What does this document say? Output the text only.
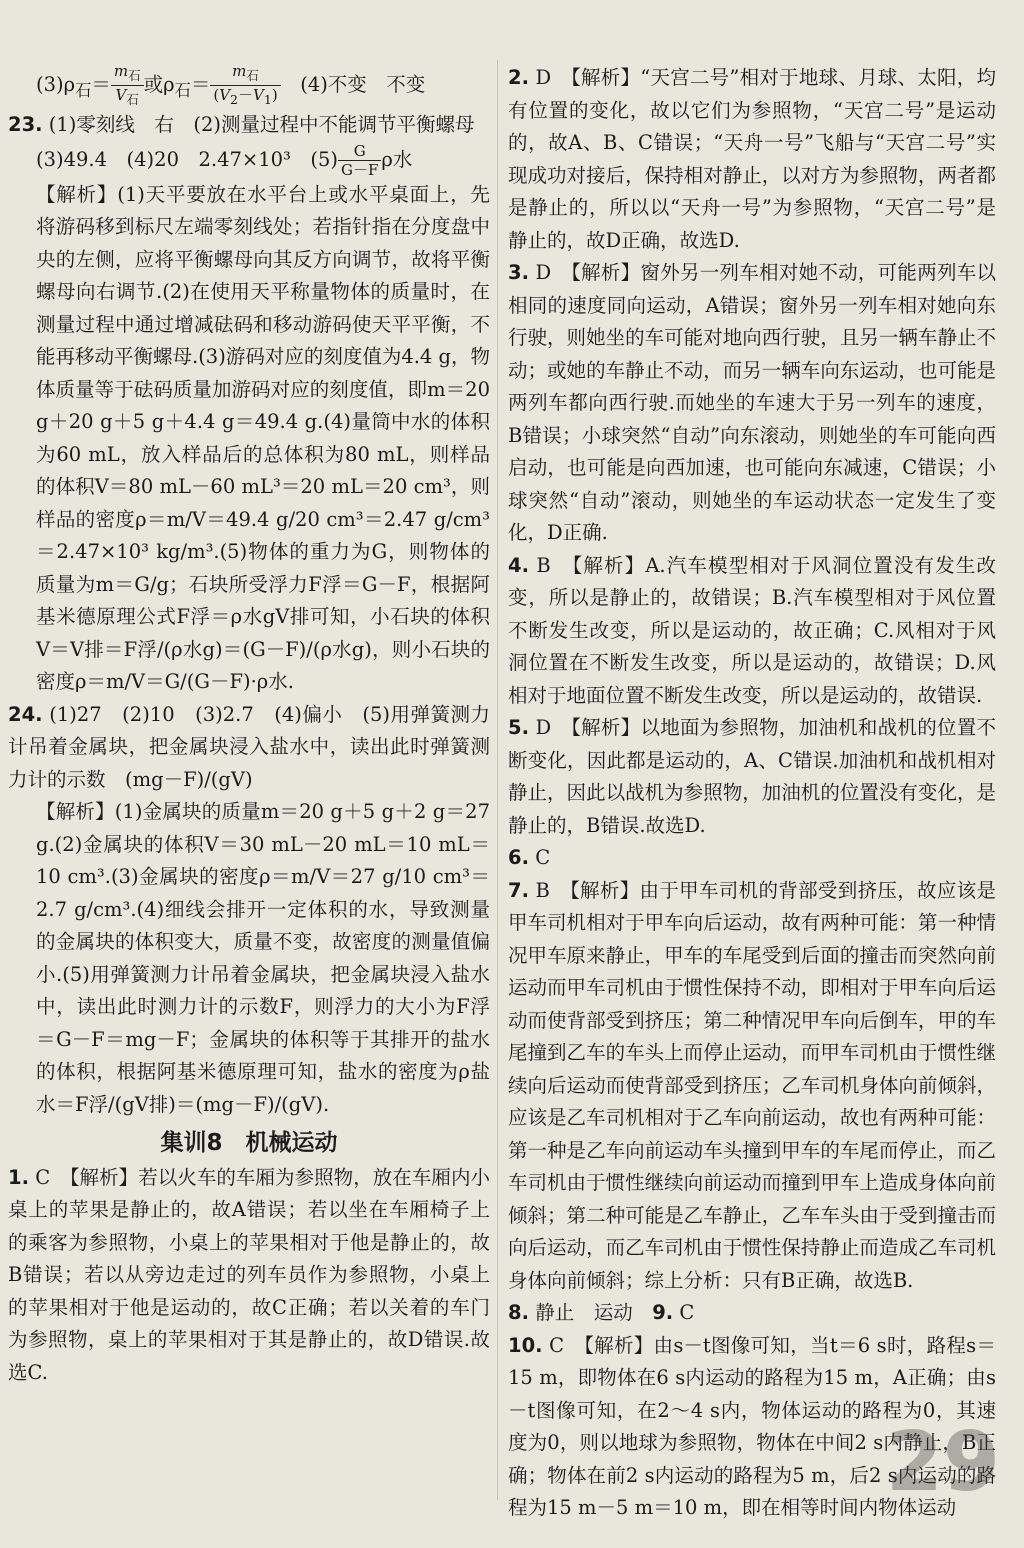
$(3)\rho_石= \frac{m_石}{V_石}$ 或$\rho_石= \frac{m_石}{(V_2-V_1)}$
　 (4)不变　不变

23. (1)零刻线　右　(2)测量过程中不能调节平衡螺母

(3)49.4　(4)20　2.47×10³　$(5) \frac{G}{G-F}$ ρ水

【解析】(1)天平要放在水平台上或水平桌面上，先将游码移到标尺左端零刻线处；若指针指在分度盘中央的左侧，应将平衡螺母向其反方向调节，故将平衡螺母向右调节.(2)在使用天平称量物体的质量时，在测量过程中通过增减砝码和移动游码使天平平衡，不能再移动平衡螺母.(3)游码对应的刻度值为4.4 g，物体质量等于砝码质量加游码对应的刻度值，即m＝20 g＋20 g＋5 g＋4.4 g＝49.4 g.(4)量筒中水的体积为60 mL，放入样品后的总体积为80 mL，则样品的体积V＝80 mL－60 mL³＝20 mL＝20 cm³，则样品的密度ρ＝m/V＝49.4 g/20 cm³＝2.47 g/cm³＝2.47×10³ kg/m³.(5)物体的重力为G，则物体的质量为m＝G/g；石块所受浮力F浮＝G－F，根据阿基米德原理公式F浮＝ρ水gV排可知，小石块的体积V＝V排＝F浮/(ρ水g)＝(G－F)/(ρ水g)，则小石块的密度ρ＝m/V＝G/(G－F)·ρ水.

24. (1)27　(2)10　(3)2.7　(4)偏小　(5)用弹簧测力计吊着金属块，把金属块浸入盐水中，读出此时弹簧测力计的示数　(mg－F)/(gV)

【解析】(1)金属块的质量m＝20 g＋5 g＋2 g＝27 g.(2)金属块的体积V＝30 mL－20 mL＝10 mL＝10 cm³.(3)金属块的密度ρ＝m/V＝27 g/10 cm³＝2.7 g/cm³.(4)细线会排开一定体积的水，导致测量的金属块的体积变大，质量不变，故密度的测量值偏小.(5)用弹簧测力计吊着金属块，把金属块浸入盐水中，读出此时测力计的示数F，则浮力的大小为F浮＝G－F＝mg－F；金属块的体积等于其排开的盐水的体积，根据阿基米德原理可知，盐水的密度为ρ盐水＝F浮/(gV排)＝(mg－F)/(gV).

集训8　机械运动

1. C　【解析】若以火车的车厢为参照物，放在车厢内小桌上的苹果是静止的，故A错误；若以坐在车厢椅子上的乘客为参照物，小桌上的苹果相对于他是静止的，故B错误；若以从旁边走过的列车员作为参照物，小桌上的苹果相对于他是运动的，故C正确；若以关着的车门为参照物，桌上的苹果相对于其是静止的，故D错误.故选C.

2. D　【解析】“天宫二号”相对于地球、月球、太阳，均有位置的变化，故以它们为参照物，“天宫二号”是运动的，故A、B、C错误；“天舟一号”飞船与“天宫二号”实现成功对接后，保持相对静止，以对方为参照物，两者都是静止的，所以以“天舟一号”为参照物，“天宫二号”是静止的，故D正确，故选D.

3. D　【解析】窗外另一列车相对她不动，可能两列车以相同的速度同向运动，A错误；窗外另一列车相对她向东行驶，则她坐的车可能对地向西行驶，且另一辆车静止不动；或她的车静止不动，而另一辆车向东运动，也可能是两列车都向西行驶.而她坐的车速大于另一列车的速度，B错误；小球突然“自动”向东滚动，则她坐的车可能向西启动，也可能是向西加速，也可能向东减速，C错误；小球突然“自动”滚动，则她坐的车运动状态一定发生了变化，D正确.

4. B　【解析】A.汽车模型相对于风洞位置没有发生改变，所以是静止的，故错误；B.汽车模型相对于风位置不断发生改变，所以是运动的，故正确；C.风相对于风洞位置在不断发生改变，所以是运动的，故错误；D.风相对于地面位置不断发生改变，所以是运动的，故错误.

5. D　【解析】以地面为参照物，加油机和战机的位置不断变化，因此都是运动的，A、C错误.加油机和战机相对静止，因此以战机为参照物，加油机的位置没有变化，是静止的，B错误.故选D.

6. C

7. B　【解析】由于甲车司机的背部受到挤压，故应该是甲车司机相对于甲车向后运动，故有两种可能：第一种情况甲车原来静止，甲车的车尾受到后面的撞击而突然向前运动而甲车司机由于惯性保持不动，即相对于甲车向后运动而使背部受到挤压；第二种情况甲车向后倒车，甲的车尾撞到乙车的车头上而停止运动，而甲车司机由于惯性继续向后运动而使背部受到挤压；乙车司机身体向前倾斜，应该是乙车司机相对于乙车向前运动，故也有两种可能：第一种是乙车向前运动车头撞到甲车的车尾而停止，而乙车司机由于惯性继续向前运动而撞到甲车上造成身体向前倾斜；第二种可能是乙车静止，乙车车头由于受到撞击而向后运动，而乙车司机由于惯性保持静止而造成乙车司机身体向前倾斜；综上分析：只有B正确，故选B.

8. 静止　运动　9. C

10. C　【解析】由s－t图像可知，当t＝6 s时，路程s＝15 m，即物体在6 s内运动的路程为15 m，A正确；由s－t图像可知，在2～4 s内，物体运动的路程为0，其速度为0，则以地球为参照物，物体在中间2 s内静止，B正确；物体在前2 s内运动的路程为5 m，后2 s内运动的路程为15 m－5 m＝10 m，即在相等时间内物体运动

29
